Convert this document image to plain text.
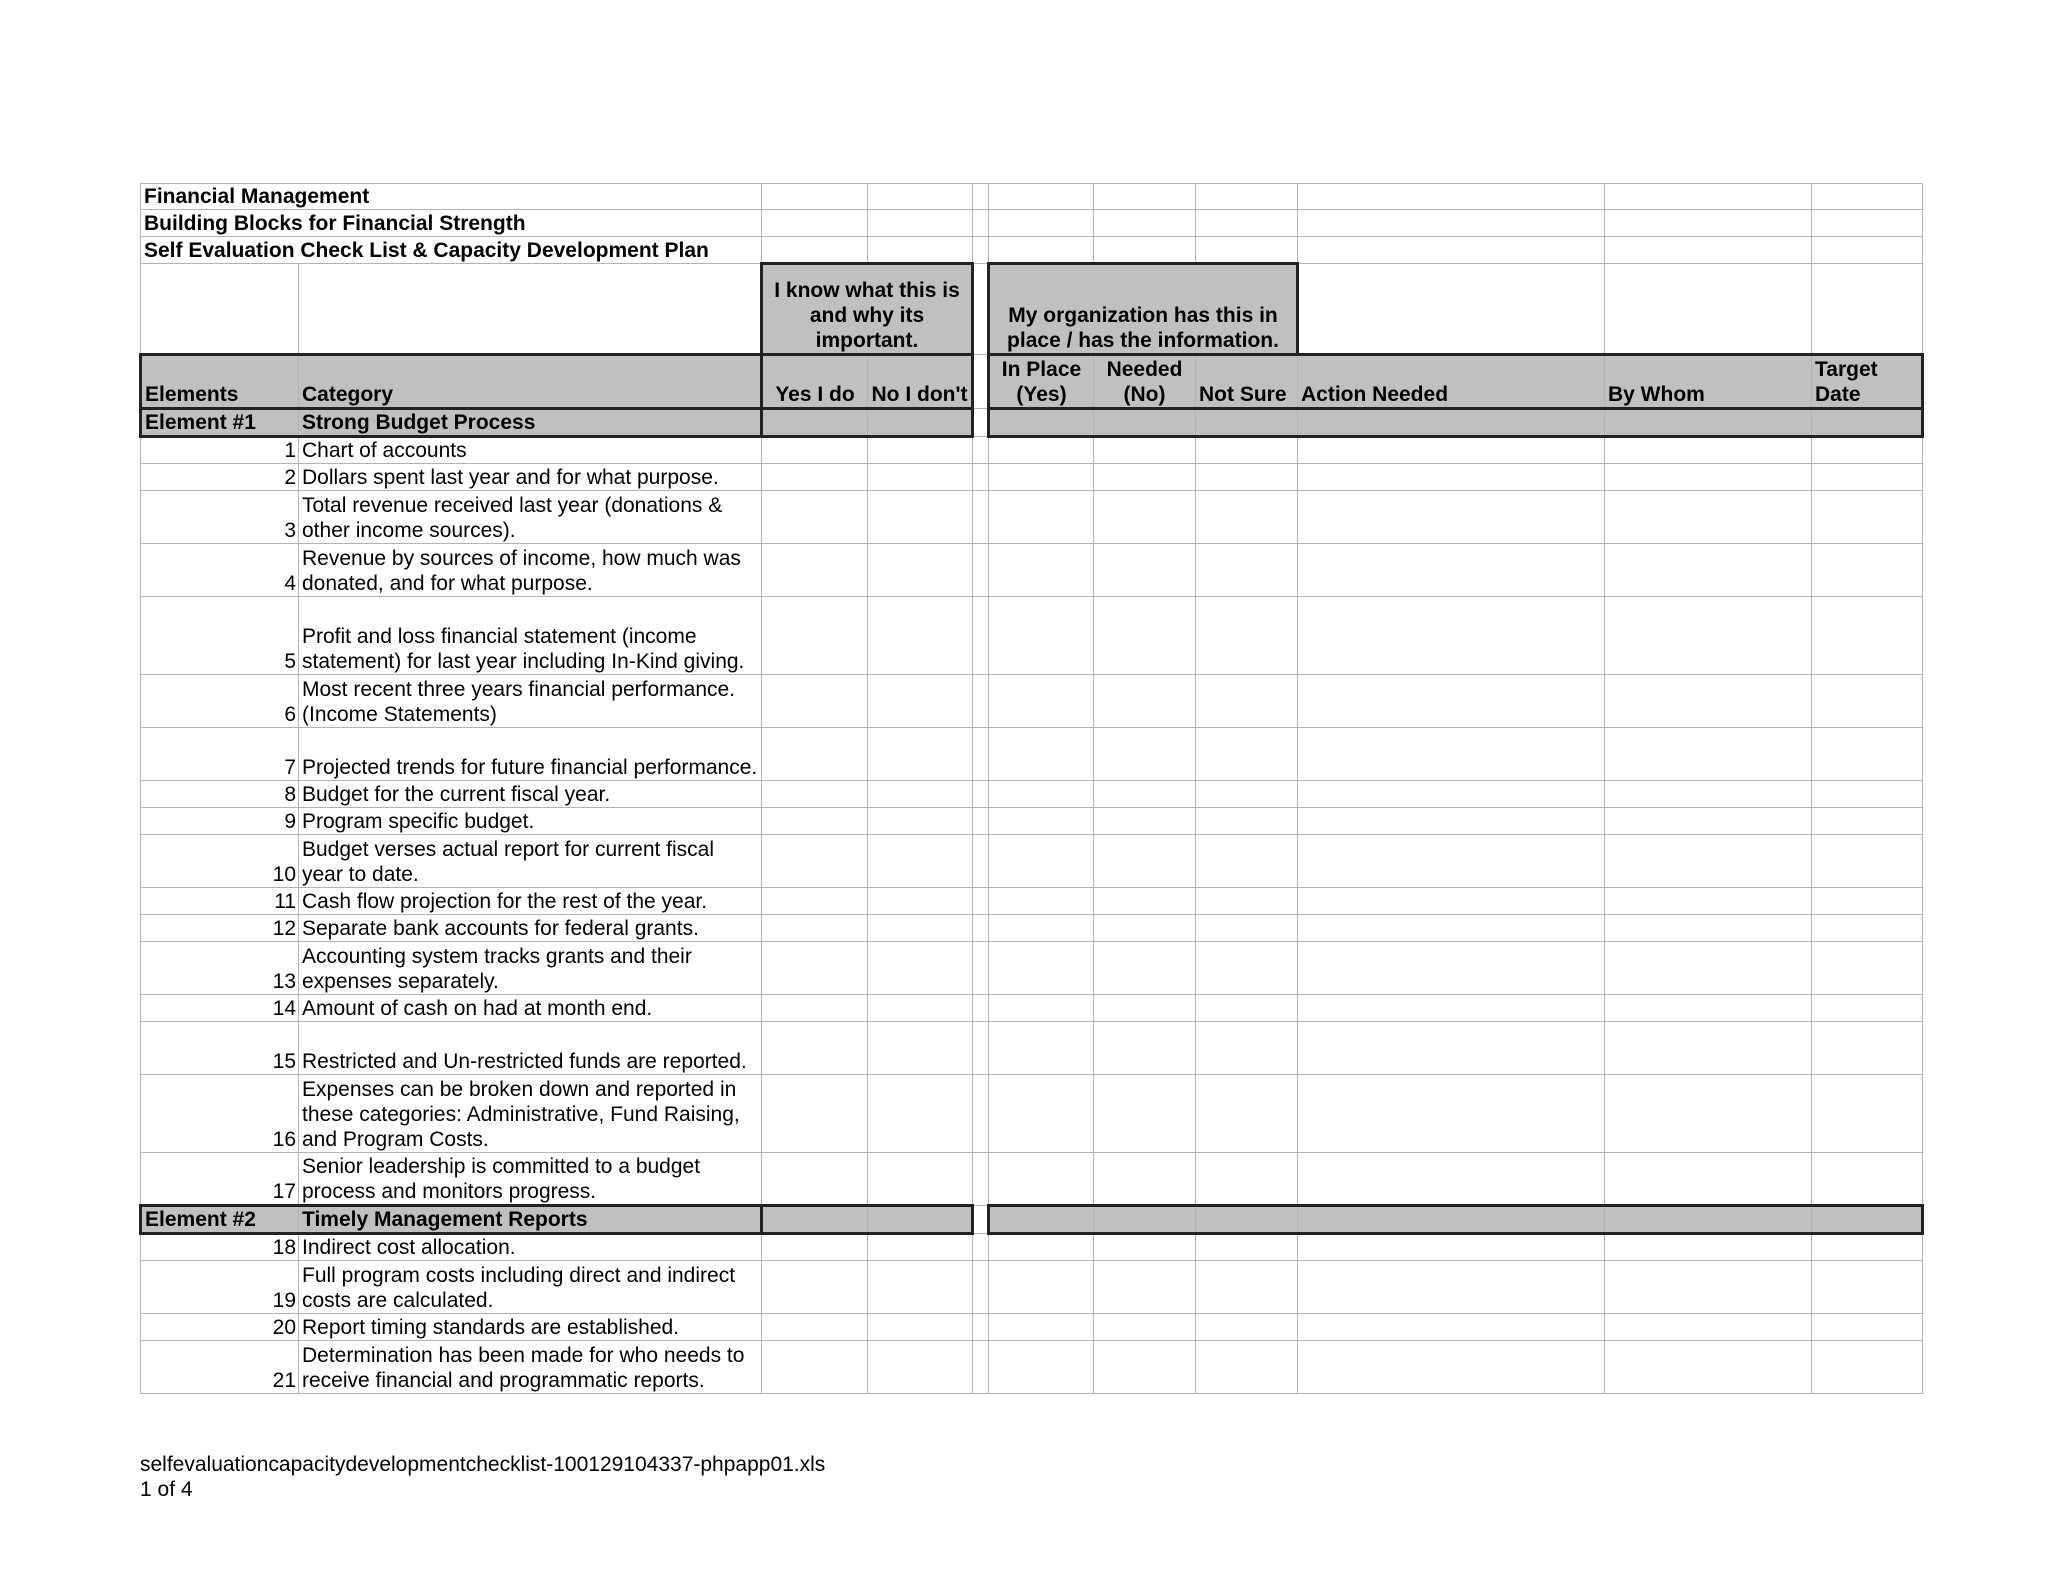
Financial Management										
Building Blocks for Financial Strength										
Self Evaluation Check List & Capacity Development Plan										
		I know what this is and why its important.			My organization has this in place / has the information.					
Elements	Category	Yes I do	No I don't		In Place (Yes)	Needed (No)	Not Sure	Action Needed	By Whom	Target Date
Element #1	Strong Budget Process									
1	Chart of accounts									
2	Dollars spent last year and for what purpose.									
3	Total revenue received last year (donations & other income sources).									
4	Revenue by sources of income, how much was donated, and for what purpose.									
5	Profit and loss financial statement (income statement) for last year including In-Kind giving.									
6	Most recent three years financial performance. (Income Statements)									
7	Projected trends for future financial performance.									
8	Budget for the current fiscal year.									
9	Program specific budget.									
10	Budget verses actual report for current fiscal year to date.									
11	Cash flow projection for the rest of the year.									
12	Separate bank accounts for federal grants.									
13	Accounting system tracks grants and their expenses separately.									
14	Amount of cash on had at month end.									
15	Restricted and Un-restricted funds are reported.									
16	Expenses can be broken down and reported in these categories: Administrative, Fund Raising, and Program Costs.									
17	Senior leadership is committed to a budget process and monitors progress.									
Element #2	Timely Management Reports									
18	Indirect cost allocation.									
19	Full program costs including direct and indirect costs are calculated.									
20	Report timing standards are established.									
21	Determination has been made for who needs to receive financial and programmatic reports.									
selfevaluationcapacitydevelopmentchecklist-100129104337-phpapp01.xls
1 of 4
